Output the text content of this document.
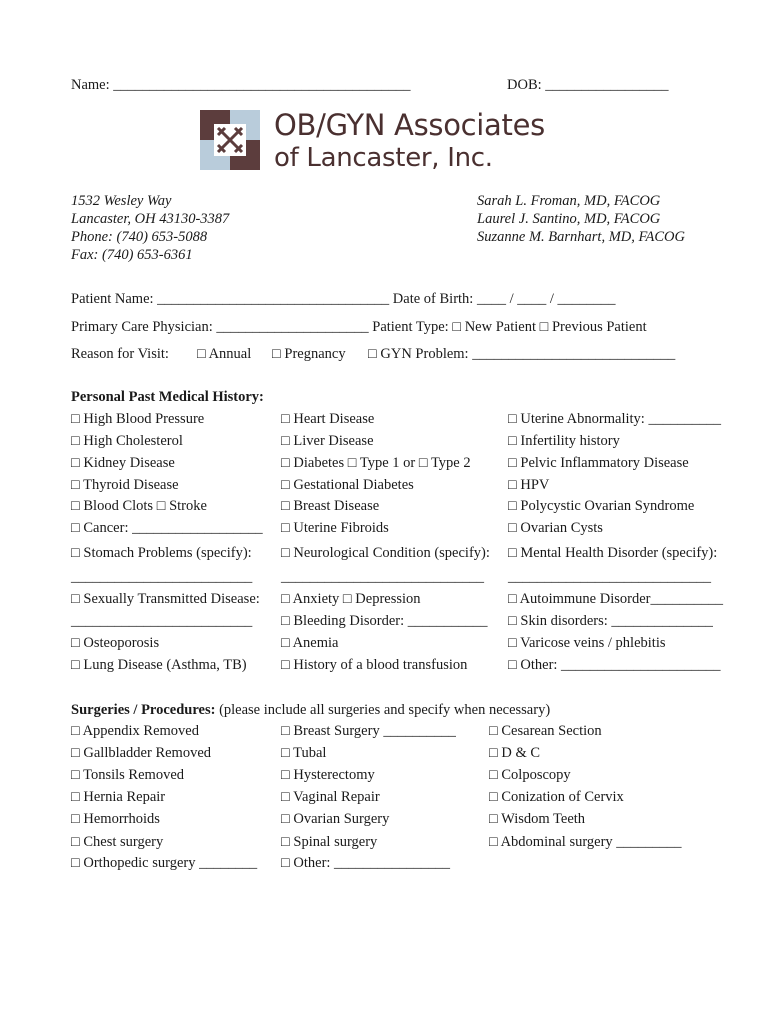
Name: _________________________________________	DOB: _________________
OB/GYN Associates
of Lancaster, Inc.
1532 Wesley Way
Lancaster, OH 43130-3387
Phone: (740) 653-5088
Fax: (740) 653-6361
Sarah L. Froman, MD, FACOG
Laurel J. Santino, MD, FACOG
Suzanne M. Barnhart, MD, FACOG
Patient Name: ________________________________ Date of Birth: ____ / ____ / ________
Primary Care Physician: _____________________ Patient Type: □ New Patient □ Previous Patient
Reason for Visit: □ Annual □ Pregnancy □ GYN Problem: ____________________________
Personal Past Medical History:
□ High Blood Pressure	□ Heart Disease	□ Uterine Abnormality: __________
□ High Cholesterol	□ Liver Disease	□ Infertility history
□ Kidney Disease	□ Diabetes □ Type 1 or □ Type 2	□ Pelvic Inflammatory Disease
□ Thyroid Disease	□ Gestational Diabetes	□ HPV
□ Blood Clots □ Stroke	□ Breast Disease	□ Polycystic Ovarian Syndrome
□ Cancer: __________________ □ Uterine Fibroids	□ Ovarian Cysts
□ Stomach Problems (specify): □ Neurological Condition (specify): □ Mental Health Disorder (specify):
_________________________ ____________________________ ____________________________
□ Sexually Transmitted Disease: □ Anxiety □ Depression	□ Autoimmune Disorder__________
_________________________ □ Bleeding Disorder: ___________ □ Skin disorders: ______________
□ Osteoporosis	□ Anemia	□ Varicose veins / phlebitis
□ Lung Disease (Asthma, TB) □ History of a blood transfusion	□ Other: ______________________
Surgeries / Procedures: (please include all surgeries and specify when necessary)
□ Appendix Removed	□ Breast Surgery __________ □ Cesarean Section
□ Gallbladder Removed	□ Tubal	□ D & C
□ Tonsils Removed	□ Hysterectomy	□ Colposcopy
□ Hernia Repair	□ Vaginal Repair	□ Conization of Cervix
□ Hemorrhoids	□ Ovarian Surgery	□ Wisdom Teeth
□ Chest surgery	□ Spinal surgery	□ Abdominal surgery _________
□ Orthopedic surgery ________ □ Other: ________________
